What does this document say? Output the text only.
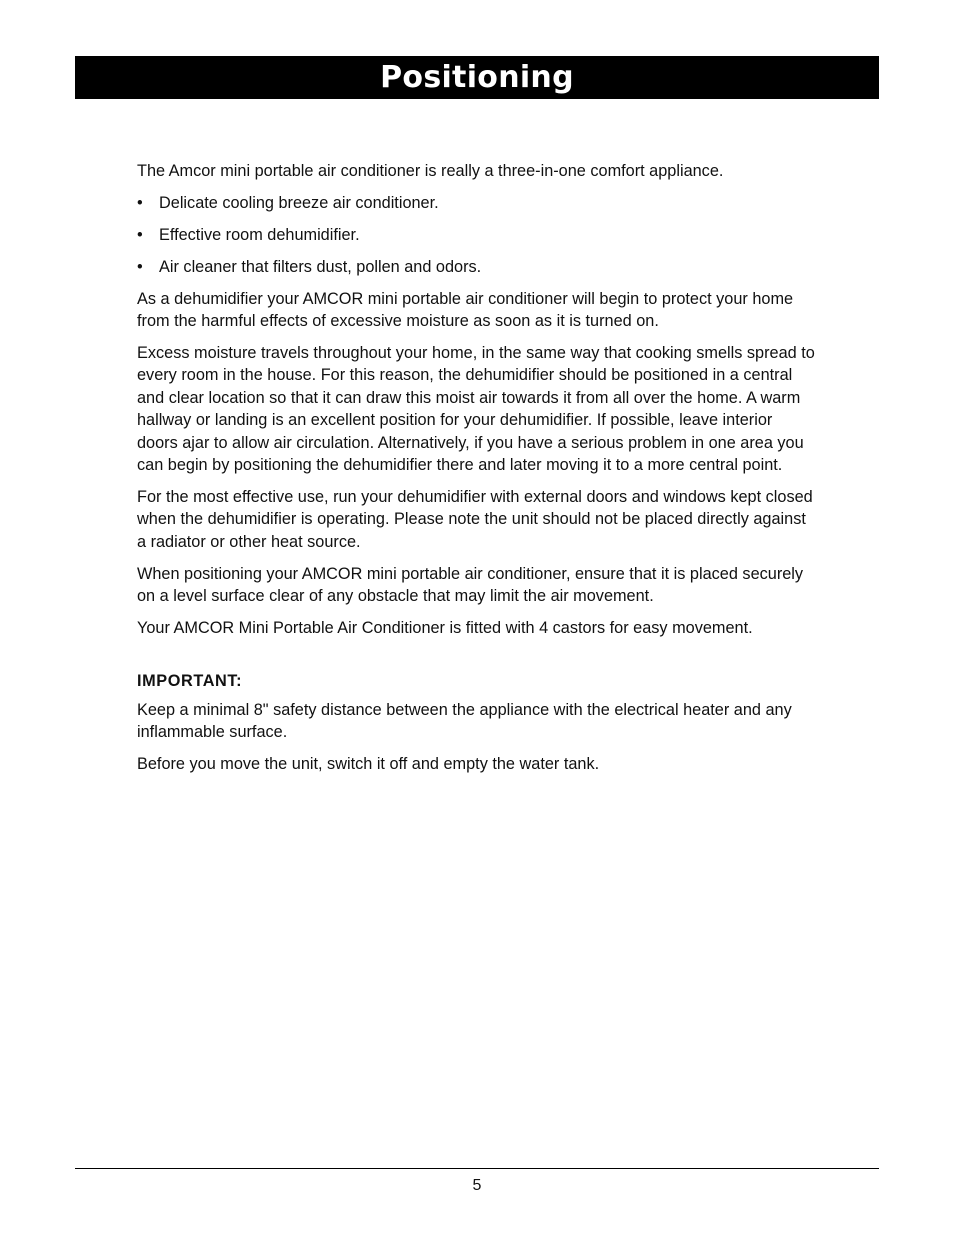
Positioning

The Amcor mini portable air conditioner is really a three-in-one comfort appliance.

• Delicate cooling breeze air conditioner.
• Effective room dehumidifier.
• Air cleaner that filters dust, pollen and odors.

As a dehumidifier your AMCOR mini portable air conditioner will begin to protect your home from the harmful effects of excessive moisture as soon as it is turned on.

Excess moisture travels throughout your home, in the same way that cooking smells spread to every room in the house. For this reason, the dehumidifier should be positioned in a central and clear location so that it can draw this moist air towards it from all over the home. A warm hallway or landing is an excellent position for your dehumidifier. If possible, leave interior doors ajar to allow air circulation. Alternatively, if you have a serious problem in one area you can begin by positioning the dehumidifier there and later moving it to a more central point.

For the most effective use, run your dehumidifier with external doors and windows kept closed when the dehumidifier is operating. Please note the unit should not be placed directly against a radiator or other heat source.

When positioning your AMCOR mini portable air conditioner, ensure that it is placed securely on a level surface clear of any obstacle that may limit the air movement.

Your AMCOR Mini Portable Air Conditioner is fitted with 4 castors for easy movement.

IMPORTANT:

Keep a minimal 8" safety distance between the appliance with the electrical heater and any inflammable surface.

Before you move the unit, switch it off and empty the water tank.

5
